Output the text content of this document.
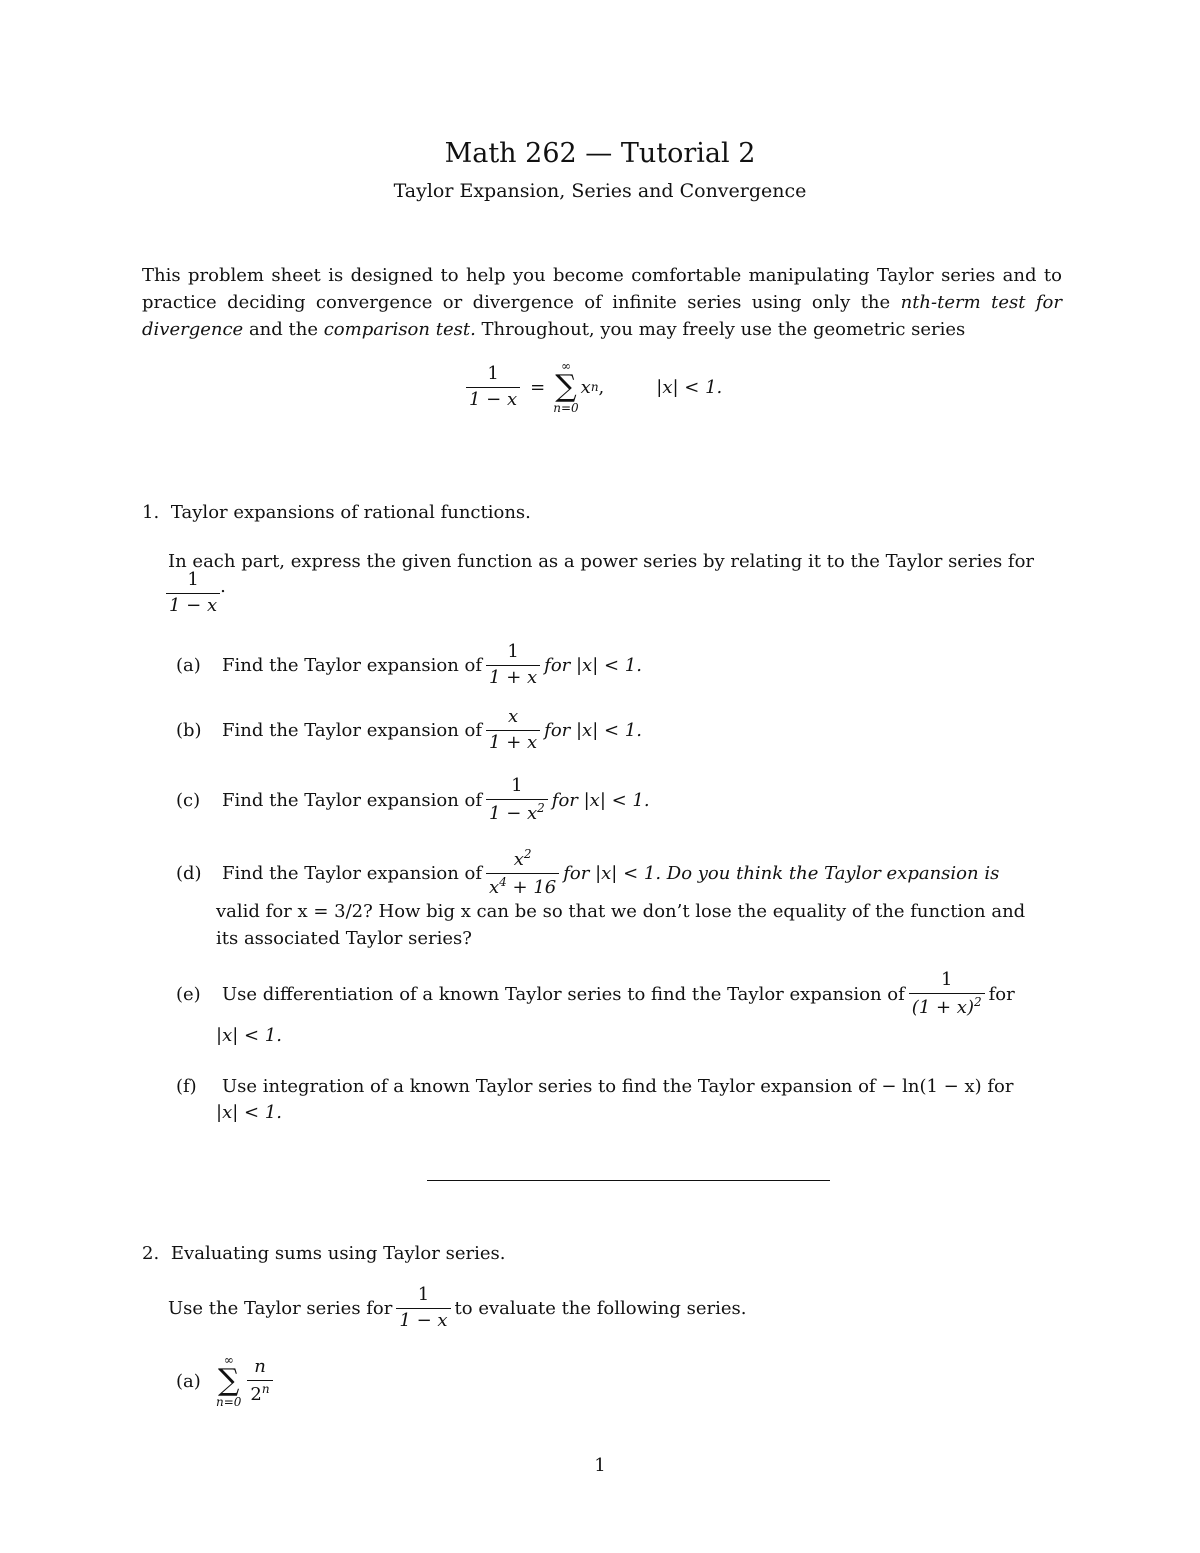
Math 262 — Tutorial 2
Taylor Expansion, Series and Convergence
This problem sheet is designed to help you become comfortable manipulating Taylor series and to practice deciding convergence or divergence of infinite series using only the nth-term test for divergence and the comparison test. Throughout, you may freely use the geometric series
$\frac{1}{1 - x}$ =
∞
∑
n=0
x n ,	|x| < 1.
1. Taylor expansions of rational functions.
In each part, express the given function as a power series by relating it to the Taylor series for
$\frac{1}{1 - x}$ .
(a)	Find the Taylor expansion of $\frac{1}{1 + x}$ for |x| < 1.
(b)	Find the Taylor expansion of $\frac{x}{1 + x}$ for |x| < 1.
(c)	Find the Taylor expansion of $\frac{1}{1 - x^2}$ for |x| < 1.
(d)	Find the Taylor expansion of $\frac{x^2}{x^4 + 16}$ for |x| < 1. Do you think the Taylor expansion is
valid for x = 3/2? How big x can be so that we don’t lose the equality of the function and
its associated Taylor series?
(e)	Use differentiation of a known Taylor series to find the Taylor expansion of $\frac{1}{(1 + x)^2}$ for
|x| < 1.
(f)	Use integration of a known Taylor series to find the Taylor expansion of − ln(1 − x) for
|x| < 1.
2. Evaluating sums using Taylor series.
Use the Taylor series for $\frac{1}{1 - x}$ to evaluate the following series.
(a)
∞
∑
$n=0 \frac{n}{2^n}$
1
